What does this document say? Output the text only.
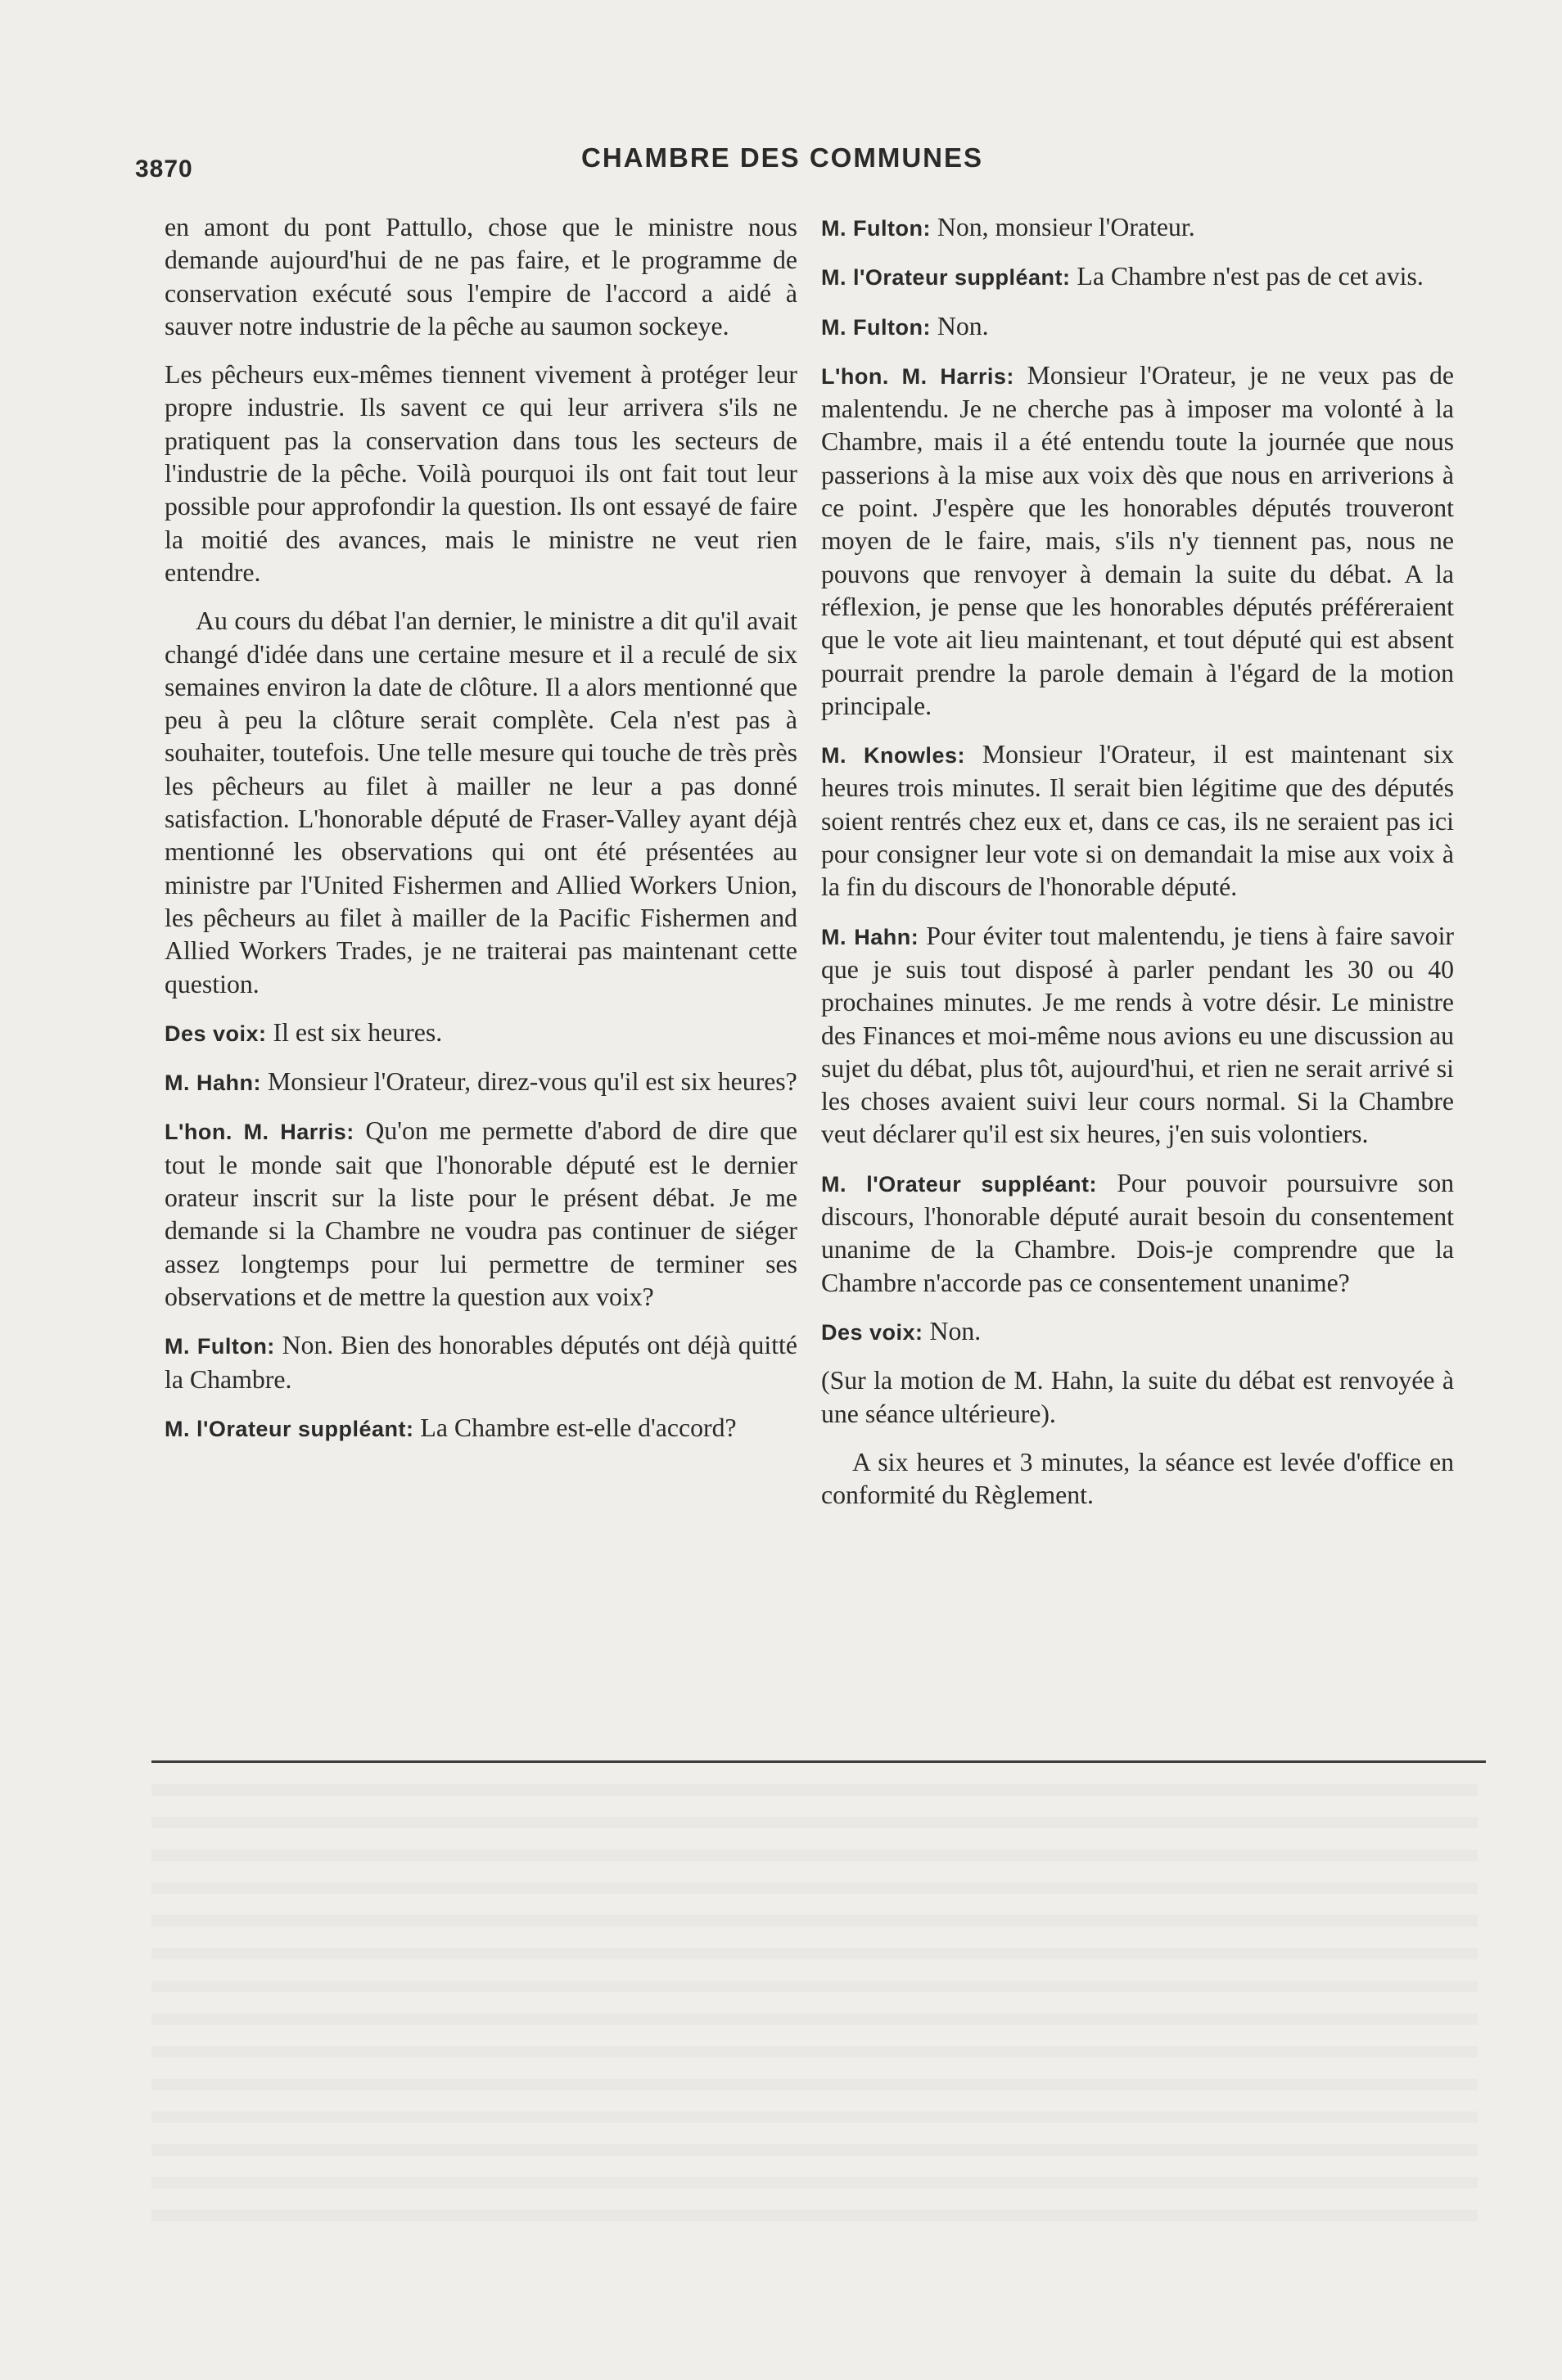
3870	CHAMBRE DES COMMUNES

en amont du pont Pattullo, chose que le ministre nous demande aujourd'hui de ne pas faire, et le programme de conservation exécuté sous l'empire de l'accord a aidé à sauver notre industrie de la pêche au saumon sockeye.

Les pêcheurs eux-mêmes tiennent vivement à protéger leur propre industrie. Ils savent ce qui leur arrivera s'ils ne pratiquent pas la conservation dans tous les secteurs de l'industrie de la pêche. Voilà pourquoi ils ont fait tout leur possible pour approfondir la question. Ils ont essayé de faire la moitié des avances, mais le ministre ne veut rien entendre.

Au cours du débat l'an dernier, le ministre a dit qu'il avait changé d'idée dans une certaine mesure et il a reculé de six semaines environ la date de clôture. Il a alors mentionné que peu à peu la clôture serait complète. Cela n'est pas à souhaiter, toutefois. Une telle mesure qui touche de très près les pêcheurs au filet à mailler ne leur a pas donné satisfaction. L'honorable député de Fraser-Valley ayant déjà mentionné les observations qui ont été présentées au ministre par l'United Fishermen and Allied Workers Union, les pêcheurs au filet à mailler de la Pacific Fishermen and Allied Workers Trades, je ne traiterai pas maintenant cette question.

Des voix: Il est six heures.

M. Hahn: Monsieur l'Orateur, direz-vous qu'il est six heures?

L'hon. M. Harris: Qu'on me permette d'abord de dire que tout le monde sait que l'honorable député est le dernier orateur inscrit sur la liste pour le présent débat. Je me demande si la Chambre ne voudra pas continuer de siéger assez longtemps pour lui permettre de terminer ses observations et de mettre la question aux voix?

M. Fulton: Non. Bien des honorables députés ont déjà quitté la Chambre.

M. l'Orateur suppléant: La Chambre est-elle d'accord?

M. Fulton: Non, monsieur l'Orateur.

M. l'Orateur suppléant: La Chambre n'est pas de cet avis.

M. Fulton: Non.

L'hon. M. Harris: Monsieur l'Orateur, je ne veux pas de malentendu. Je ne cherche pas à imposer ma volonté à la Chambre, mais il a été entendu toute la journée que nous passerions à la mise aux voix dès que nous en arriverions à ce point. J'espère que les honorables députés trouveront moyen de le faire, mais, s'ils n'y tiennent pas, nous ne pouvons que renvoyer à demain la suite du débat. A la réflexion, je pense que les honorables députés préféreraient que le vote ait lieu maintenant, et tout député qui est absent pourrait prendre la parole demain à l'égard de la motion principale.

M. Knowles: Monsieur l'Orateur, il est maintenant six heures trois minutes. Il serait bien légitime que des députés soient rentrés chez eux et, dans ce cas, ils ne seraient pas ici pour consigner leur vote si on demandait la mise aux voix à la fin du discours de l'honorable député.

M. Hahn: Pour éviter tout malentendu, je tiens à faire savoir que je suis tout disposé à parler pendant les 30 ou 40 prochaines minutes. Je me rends à votre désir. Le ministre des Finances et moi-même nous avions eu une discussion au sujet du débat, plus tôt, aujourd'hui, et rien ne serait arrivé si les choses avaient suivi leur cours normal. Si la Chambre veut déclarer qu'il est six heures, j'en suis volontiers.

M. l'Orateur suppléant: Pour pouvoir poursuivre son discours, l'honorable député aurait besoin du consentement unanime de la Chambre. Dois-je comprendre que la Chambre n'accorde pas ce consentement unanime?

Des voix: Non.

(Sur la motion de M. Hahn, la suite du débat est renvoyée à une séance ultérieure).

A six heures et 3 minutes, la séance est levée d'office en conformité du Règlement.
